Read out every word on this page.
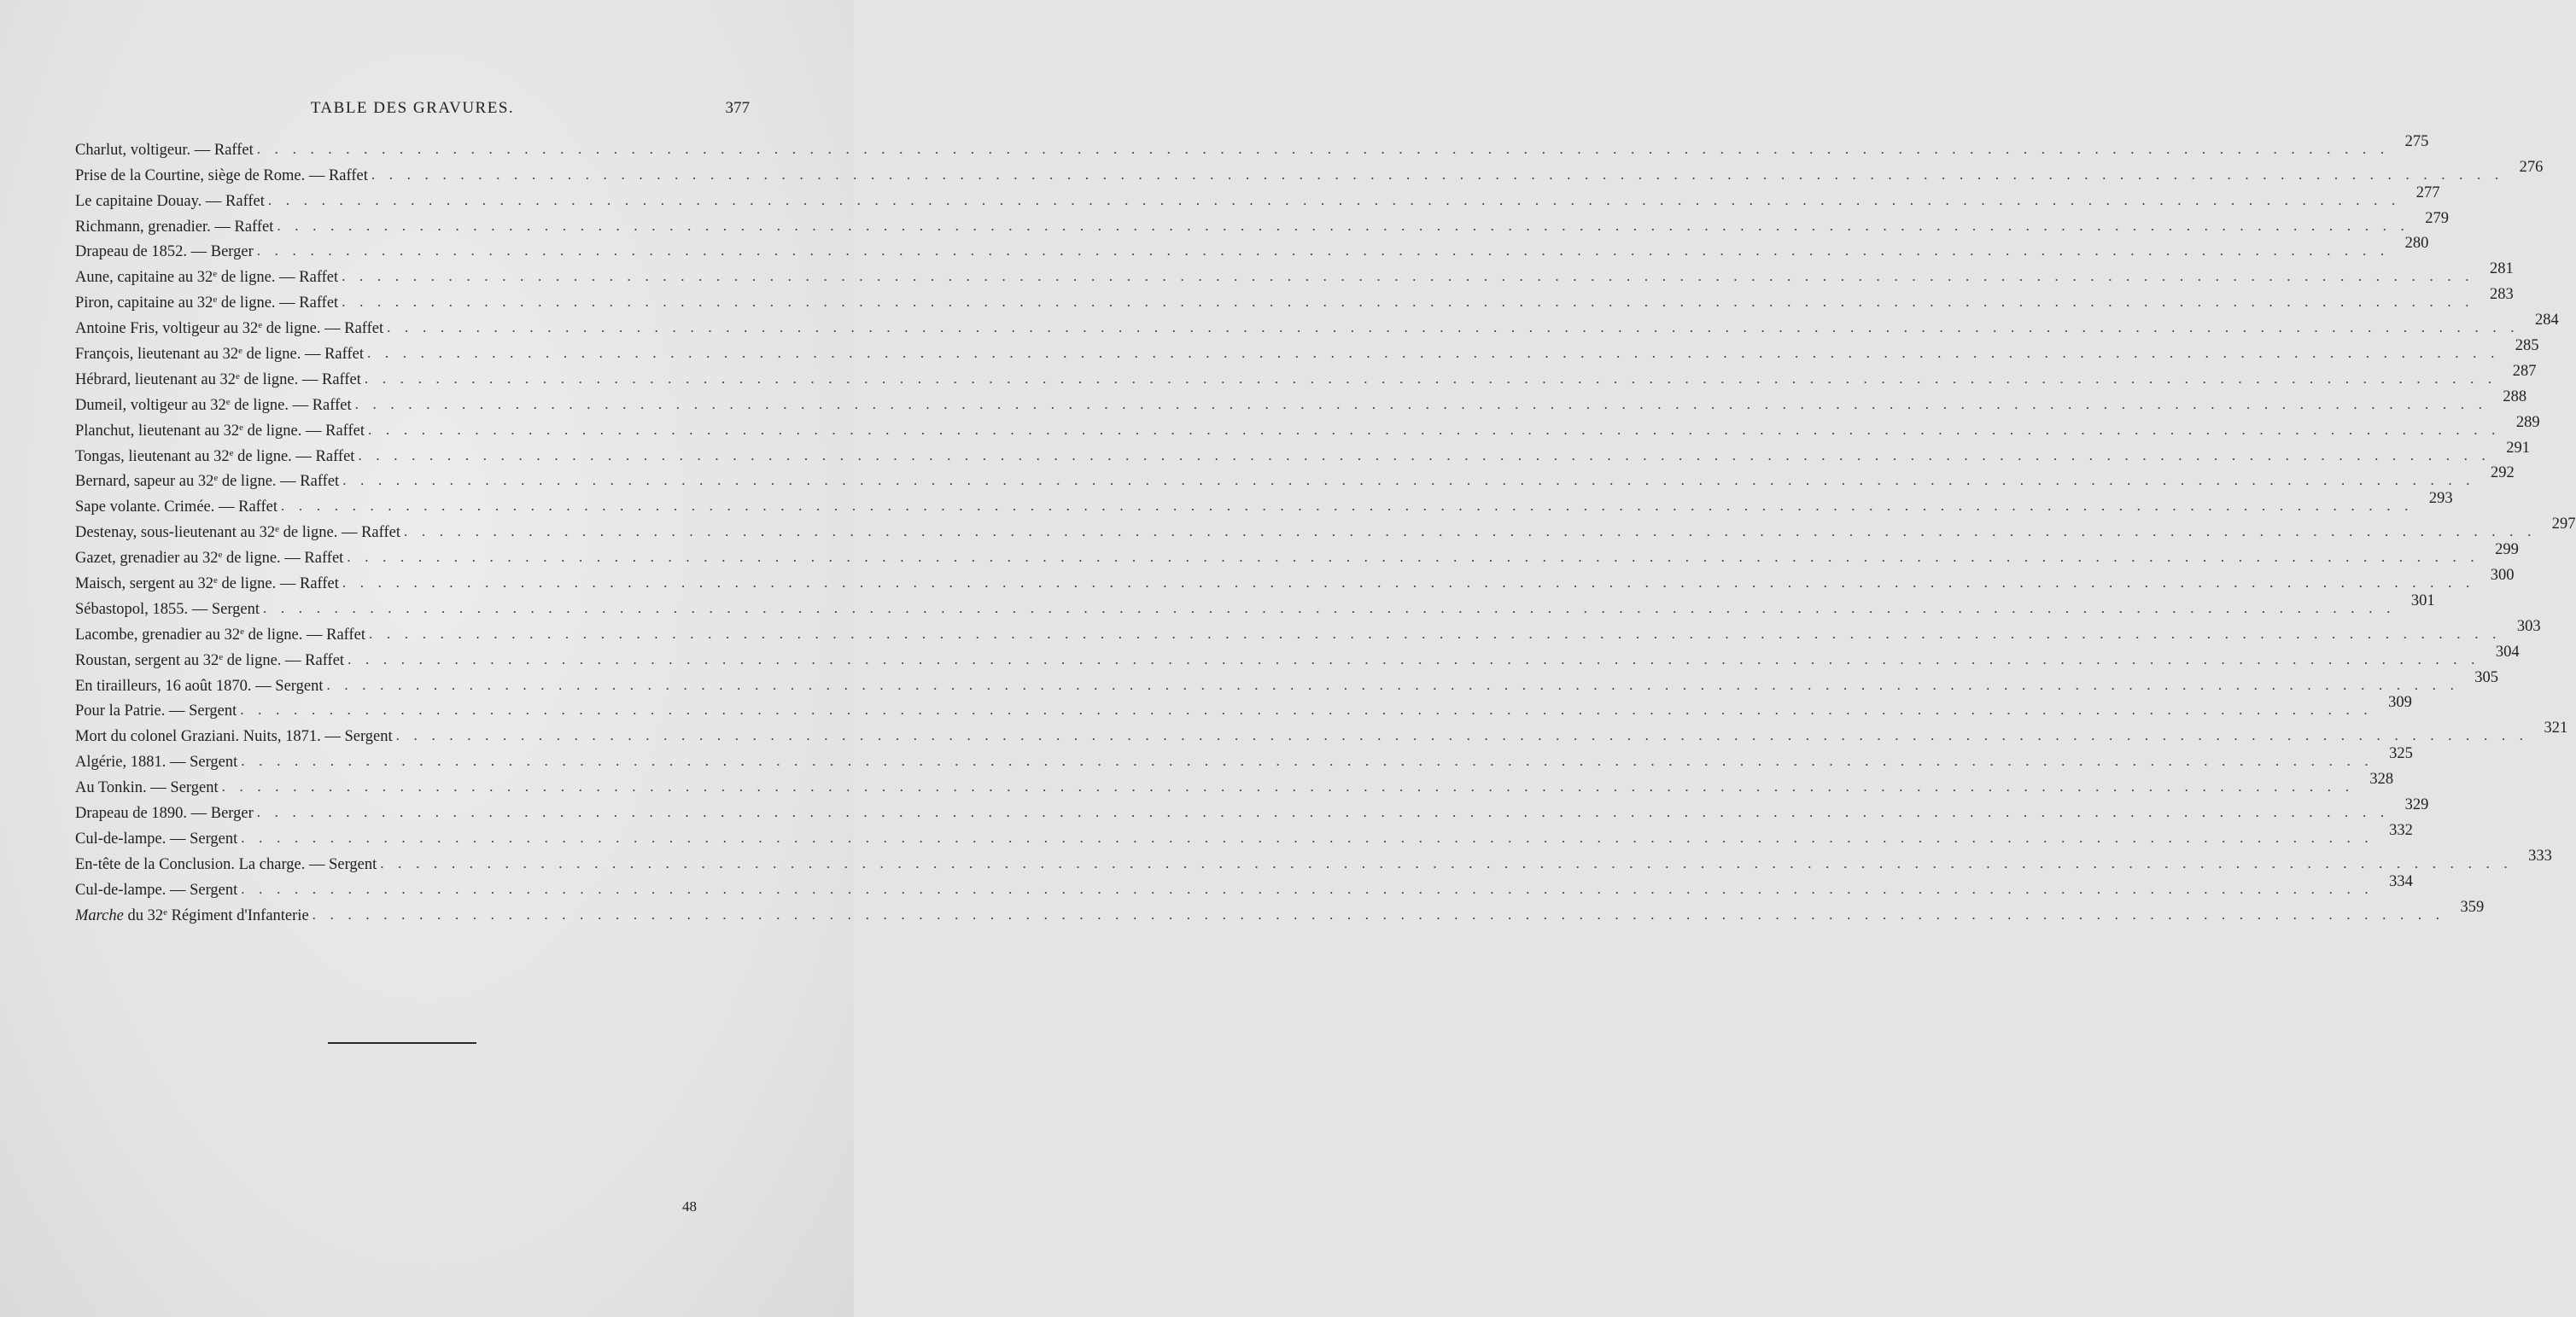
TABLE DES GRAVURES.	377
Charlut, voltigeur. — Raffet . . . . . . . . . . . . . . . . . . . . . . . . . . . . . . . . . . . . . . . . . . . . . . . . . . . . . . . . . . . . . . . . . . . . . . . . . . . . . . . . . . . . . . . . . . . . . . . . . . . . . . . . . . . . . . . . . . . . . . . . 275
Prise de la Courtine, siège de Rome. — Raffet . . . . . . . . . . . . . . . . . . . . . . . . . . . . . . . . . . . . . . . . . . . . . . . . . . . . . . . . . . . . . . . . . . . . . . . . . . . . . . . . . . . . . . . . . . . . . . . . . . . . . . . . . . . . . . . . . . . . . . . . 276
Le capitaine Douay. — Raffet . . . . . . . . . . . . . . . . . . . . . . . . . . . . . . . . . . . . . . . . . . . . . . . . . . . . . . . . . . . . . . . . . . . . . . . . . . . . . . . . . . . . . . . . . . . . . . . . . . . . . . . . . . . . . . . . . . . . . . . . 277
Richmann, grenadier. — Raffet . . . . . . . . . . . . . . . . . . . . . . . . . . . . . . . . . . . . . . . . . . . . . . . . . . . . . . . . . . . . . . . . . . . . . . . . . . . . . . . . . . . . . . . . . . . . . . . . . . . . . . . . . . . . . . . . . . . . . . . . 279
Drapeau de 1852. — Berger . . . . . . . . . . . . . . . . . . . . . . . . . . . . . . . . . . . . . . . . . . . . . . . . . . . . . . . . . . . . . . . . . . . . . . . . . . . . . . . . . . . . . . . . . . . . . . . . . . . . . . . . . . . . . . . . . . . . . . . . 280
Aune, capitaine au 32e de ligne. — Raffet . . . . . . . . . . . . . . . . . . . . . . . . . . . . . . . . . . . . . . . . . . . . . . . . . . . . . . . . . . . . . . . . . . . . . . . . . . . . . . . . . . . . . . . . . . . . . . . . . . . . . . . . . . . . . . . . . . . . . . . . 281
Piron, capitaine au 32e de ligne. — Raffet . . . . . . . . . . . . . . . . . . . . . . . . . . . . . . . . . . . . . . . . . . . . . . . . . . . . . . . . . . . . . . . . . . . . . . . . . . . . . . . . . . . . . . . . . . . . . . . . . . . . . . . . . . . . . . . . . . . . . . . . 283
Antoine Fris, voltigeur au 32e de ligne. — Raffet . . . . . . . . . . . . . . . . . . . . . . . . . . . . . . . . . . . . . . . . . . . . . . . . . . . . . . . . . . . . . . . . . . . . . . . . . . . . . . . . . . . . . . . . . . . . . . . . . . . . . . . . . . . . . . . . . . . . . . . . 284
François, lieutenant au 32e de ligne. — Raffet . . . . . . . . . . . . . . . . . . . . . . . . . . . . . . . . . . . . . . . . . . . . . . . . . . . . . . . . . . . . . . . . . . . . . . . . . . . . . . . . . . . . . . . . . . . . . . . . . . . . . . . . . . . . . . . . . . . . . . . . 285
Hébrard, lieutenant au 32e de ligne. — Raffet . . . . . . . . . . . . . . . . . . . . . . . . . . . . . . . . . . . . . . . . . . . . . . . . . . . . . . . . . . . . . . . . . . . . . . . . . . . . . . . . . . . . . . . . . . . . . . . . . . . . . . . . . . . . . . . . . . . . . . . . 287
Dumeil, voltigeur au 32e de ligne. — Raffet . . . . . . . . . . . . . . . . . . . . . . . . . . . . . . . . . . . . . . . . . . . . . . . . . . . . . . . . . . . . . . . . . . . . . . . . . . . . . . . . . . . . . . . . . . . . . . . . . . . . . . . . . . . . . . . . . . . . . . . . 288
Planchut, lieutenant au 32e de ligne. — Raffet . . . . . . . . . . . . . . . . . . . . . . . . . . . . . . . . . . . . . . . . . . . . . . . . . . . . . . . . . . . . . . . . . . . . . . . . . . . . . . . . . . . . . . . . . . . . . . . . . . . . . . . . . . . . . . . . . . . . . . . . 289
Tongas, lieutenant au 32e de ligne. — Raffet . . . . . . . . . . . . . . . . . . . . . . . . . . . . . . . . . . . . . . . . . . . . . . . . . . . . . . . . . . . . . . . . . . . . . . . . . . . . . . . . . . . . . . . . . . . . . . . . . . . . . . . . . . . . . . . . . . . . . . . . 291
Bernard, sapeur au 32e de ligne. — Raffet . . . . . . . . . . . . . . . . . . . . . . . . . . . . . . . . . . . . . . . . . . . . . . . . . . . . . . . . . . . . . . . . . . . . . . . . . . . . . . . . . . . . . . . . . . . . . . . . . . . . . . . . . . . . . . . . . . . . . . . . 292
Sape volante. Crimée. — Raffet . . . . . . . . . . . . . . . . . . . . . . . . . . . . . . . . . . . . . . . . . . . . . . . . . . . . . . . . . . . . . . . . . . . . . . . . . . . . . . . . . . . . . . . . . . . . . . . . . . . . . . . . . . . . . . . . . . . . . . . . 293
Destenay, sous-lieutenant au 32e de ligne. — Raffet . . . . . . . . . . . . . . . . . . . . . . . . . . . . . . . . . . . . . . . . . . . . . . . . . . . . . . . . . . . . . . . . . . . . . . . . . . . . . . . . . . . . . . . . . . . . . . . . . . . . . . . . . . . . . . . . . . . . . . . . 297
Gazet, grenadier au 32e de ligne. — Raffet . . . . . . . . . . . . . . . . . . . . . . . . . . . . . . . . . . . . . . . . . . . . . . . . . . . . . . . . . . . . . . . . . . . . . . . . . . . . . . . . . . . . . . . . . . . . . . . . . . . . . . . . . . . . . . . . . . . . . . . . 299
Maisch, sergent au 32e de ligne. — Raffet . . . . . . . . . . . . . . . . . . . . . . . . . . . . . . . . . . . . . . . . . . . . . . . . . . . . . . . . . . . . . . . . . . . . . . . . . . . . . . . . . . . . . . . . . . . . . . . . . . . . . . . . . . . . . . . . . . . . . . . . 300
Sébastopol, 1855. — Sergent . . . . . . . . . . . . . . . . . . . . . . . . . . . . . . . . . . . . . . . . . . . . . . . . . . . . . . . . . . . . . . . . . . . . . . . . . . . . . . . . . . . . . . . . . . . . . . . . . . . . . . . . . . . . . . . . . . . . . . . . 301
Lacombe, grenadier au 32e de ligne. — Raffet . . . . . . . . . . . . . . . . . . . . . . . . . . . . . . . . . . . . . . . . . . . . . . . . . . . . . . . . . . . . . . . . . . . . . . . . . . . . . . . . . . . . . . . . . . . . . . . . . . . . . . . . . . . . . . . . . . . . . . . . 303
Roustan, sergent au 32e de ligne. — Raffet . . . . . . . . . . . . . . . . . . . . . . . . . . . . . . . . . . . . . . . . . . . . . . . . . . . . . . . . . . . . . . . . . . . . . . . . . . . . . . . . . . . . . . . . . . . . . . . . . . . . . . . . . . . . . . . . . . . . . . . . 304
En tirailleurs, 16 août 1870. — Sergent . . . . . . . . . . . . . . . . . . . . . . . . . . . . . . . . . . . . . . . . . . . . . . . . . . . . . . . . . . . . . . . . . . . . . . . . . . . . . . . . . . . . . . . . . . . . . . . . . . . . . . . . . . . . . . . . . . . . . . . . 305
Pour la Patrie. — Sergent . . . . . . . . . . . . . . . . . . . . . . . . . . . . . . . . . . . . . . . . . . . . . . . . . . . . . . . . . . . . . . . . . . . . . . . . . . . . . . . . . . . . . . . . . . . . . . . . . . . . . . . . . . . . . . . . . . . . . . . . 309
Mort du colonel Graziani. Nuits, 1871. — Sergent . . . . . . . . . . . . . . . . . . . . . . . . . . . . . . . . . . . . . . . . . . . . . . . . . . . . . . . . . . . . . . . . . . . . . . . . . . . . . . . . . . . . . . . . . . . . . . . . . . . . . . . . . . . . . . . . . . . . . . . . 321
Algérie, 1881. — Sergent . . . . . . . . . . . . . . . . . . . . . . . . . . . . . . . . . . . . . . . . . . . . . . . . . . . . . . . . . . . . . . . . . . . . . . . . . . . . . . . . . . . . . . . . . . . . . . . . . . . . . . . . . . . . . . . . . . . . . . . . 325
Au Tonkin. — Sergent . . . . . . . . . . . . . . . . . . . . . . . . . . . . . . . . . . . . . . . . . . . . . . . . . . . . . . . . . . . . . . . . . . . . . . . . . . . . . . . . . . . . . . . . . . . . . . . . . . . . . . . . . . . . . . . . . . . . . . . . 328
Drapeau de 1890. — Berger . . . . . . . . . . . . . . . . . . . . . . . . . . . . . . . . . . . . . . . . . . . . . . . . . . . . . . . . . . . . . . . . . . . . . . . . . . . . . . . . . . . . . . . . . . . . . . . . . . . . . . . . . . . . . . . . . . . . . . . . 329
Cul-de-lampe. — Sergent . . . . . . . . . . . . . . . . . . . . . . . . . . . . . . . . . . . . . . . . . . . . . . . . . . . . . . . . . . . . . . . . . . . . . . . . . . . . . . . . . . . . . . . . . . . . . . . . . . . . . . . . . . . . . . . . . . . . . . . . 332
En-tête de la Conclusion. La charge. — Sergent . . . . . . . . . . . . . . . . . . . . . . . . . . . . . . . . . . . . . . . . . . . . . . . . . . . . . . . . . . . . . . . . . . . . . . . . . . . . . . . . . . . . . . . . . . . . . . . . . . . . . . . . . . . . . . . . . . . . . . . . 333
Cul-de-lampe. — Sergent . . . . . . . . . . . . . . . . . . . . . . . . . . . . . . . . . . . . . . . . . . . . . . . . . . . . . . . . . . . . . . . . . . . . . . . . . . . . . . . . . . . . . . . . . . . . . . . . . . . . . . . . . . . . . . . . . . . . . . . . 334
Marche du 32e Régiment d'Infanterie . . . . . . . . . . . . . . . . . . . . . . . . . . . . . . . . . . . . . . . . . . . . . . . . . . . . . . . . . . . . . . . . . . . . . . . . . . . . . . . . . . . . . . . . . . . . . . . . . . . . . . . . . . . . . . . . . . . . . . . . 359
48
